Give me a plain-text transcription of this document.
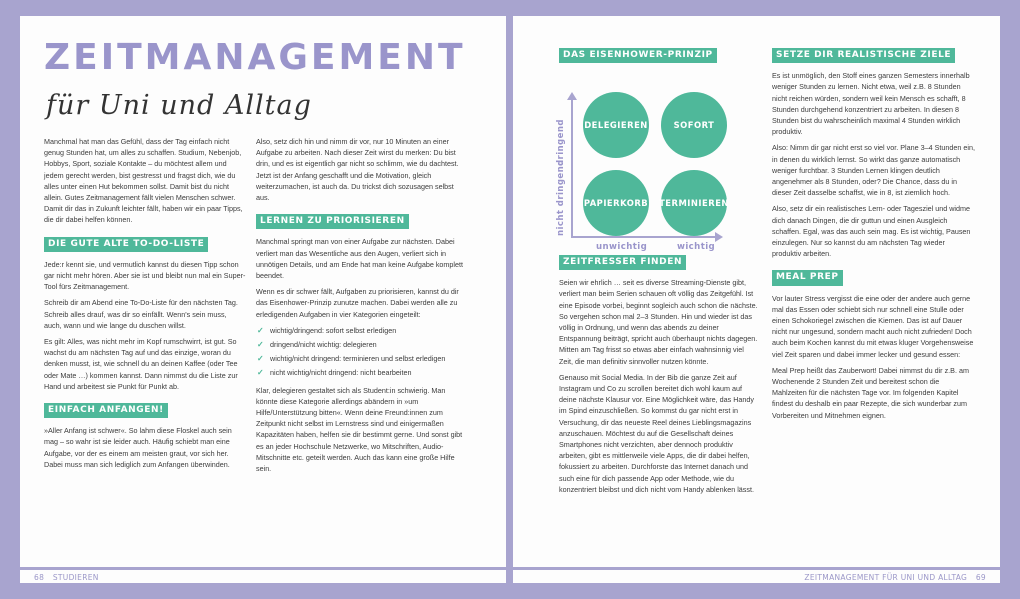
ZEITMANAGEMENT
für Uni und Alltag

Manchmal hat man das Gefühl, dass der Tag einfach nicht genug Stunden hat, um alles zu schaffen. Studium, Nebenjob, Hobbys, Sport, soziale Kontakte – du möchtest allem und jedem gerecht werden, bist gestresst und fragst dich, wie du alles unter einen Hut bekommen sollst. Damit bist du nicht allein. Gutes Zeitmanagement fällt vielen Menschen schwer. Damit dir das in Zukunft leichter fällt, haben wir ein paar Tipps, die dir dabei helfen können.

DIE GUTE ALTE TO-DO-LISTE

Jede:r kennt sie, und vermutlich kannst du diesen Tipp schon gar nicht mehr hören. Aber sie ist und bleibt nun mal ein Super-Tool fürs Zeitmanagement.

Schreib dir am Abend eine To-Do-Liste für den nächsten Tag. Schreib alles drauf, was dir so einfällt. Wenn's sein muss, auch, wann und wie lange du duschen willst.

Es gilt: Alles, was nicht mehr im Kopf rumschwirrt, ist gut. So wachst du am nächsten Tag auf und das einzige, woran du denken musst, ist, wie schnell du an deinen Kaffee (oder Tee oder Mate …) kommen kannst. Dann nimmst du die Liste zur Hand und arbeitest sie Punkt für Punkt ab.

EINFACH ANFANGEN!

»Aller Anfang ist schwer«. So lahm diese Floskel auch sein mag – so wahr ist sie leider auch. Häufig schiebt man eine Aufgabe, vor der es einem am meisten graut, vor sich her. Dabei muss man sich lediglich zum Anfangen überwinden.

Also, setz dich hin und nimm dir vor, nur 10 Minuten an einer Aufgabe zu arbeiten. Nach dieser Zeit wirst du merken: Du bist drin, und es ist eigentlich gar nicht so schlimm, wie du dachtest. Jetzt ist der Anfang geschafft und die Motivation, gleich weiterzumachen, ist auch da. Du trickst dich sozusagen selbst aus.

LERNEN ZU PRIORISIEREN

Manchmal springt man von einer Aufgabe zur nächsten. Dabei verliert man das Wesentliche aus den Augen, verliert sich in unnötigen Details, und am Ende hat man keine Aufgabe komplett beendet.

Wenn es dir schwer fällt, Aufgaben zu priorisieren, kannst du dir das Eisenhower-Prinzip zunutze machen. Dabei werden alle zu erledigenden Aufgaben in vier Kategorien eingeteilt:

✓ wichtig/dringend: sofort selbst erledigen
✓ dringend/nicht wichtig: delegieren
✓ wichtig/nicht dringend: terminieren und selbst erledigen
✓ nicht wichtig/nicht dringend: nicht bearbeiten

Klar, delegieren gestaltet sich als Student:in schwierig. Man könnte diese Kategorie allerdings abändern in »um Hilfe/Unterstützung bitten«. Wenn deine Freund:innen zum Zeitpunkt nicht selbst im Lernstress sind und einigermaßen Kapazitäten haben, helfen sie dir bestimmt gerne. Und sonst gibt es an jeder Hochschule Netzwerke, wo Mitschriften, Audio-Mitschnitte etc. geteilt werden. Auch das kann eine große Hilfe sein.

68 STUDIEREN
DAS EISENHOWER-PRINZIP
DELEGIEREN	SOFORT
PAPIERKORB TERMINIEREN
dringend
nicht dringend
unwichtig	wichtig
ZEITFRESSER FINDEN

Seien wir ehrlich … seit es diverse Streaming-Dienste gibt, verliert man beim Serien schauen oft völlig das Zeitgefühl. Ist eine Episode vorbei, beginnt sogleich auch schon die nächste. So vergehen schon mal 2–3 Stunden. Hin und wieder ist das völlig in Ordnung, und wenn das abends zu deiner Entspannung beiträgt, spricht auch überhaupt nichts dagegen. Mitten am Tag frisst so etwas aber einfach wahnsinnig viel Zeit, die man definitiv sinnvoller nutzen könnte.

Genauso mit Social Media. In der Bib die ganze Zeit auf Instagram und Co zu scrollen bereitet dich wohl kaum auf deine nächste Klausur vor. Eine Möglichkeit wäre, das Handy im Spind einzuschließen. So kommst du gar nicht erst in Versuchung, dir das neueste Reel deines Lieblingsmagazins anzuschauen. Möchtest du auf die Gesellschaft deines Smartphones nicht verzichten, aber dennoch produktiv arbeiten, gibt es mittlerweile viele Apps, die dir dabei helfen, fokussiert zu arbeiten. Durchforste das Internet danach und such eine für dich passende App oder Methode, wie du konzentriert bleibst und dich nicht vom Handy ablenken lässt.

SETZE DIR REALISTISCHE ZIELE

Es ist unmöglich, den Stoff eines ganzen Semesters innerhalb weniger Stunden zu lernen. Nicht etwa, weil z.B. 8 Stunden nicht reichen würden, sondern weil kein Mensch es schafft, 8 Stunden durchgehend konzentriert zu arbeiten. In diesen 8 Stunden bist du wahrscheinlich maximal 4 Stunden wirklich produktiv.

Also: Nimm dir gar nicht erst so viel vor. Plane 3–4 Stunden ein, in denen du wirklich lernst. So wirkt das ganze automatisch weniger furchtbar. 3 Stunden Lernen klingen deutlich angenehmer als 8 Stunden, oder? Die Chance, dass du in dieser Zeit dasselbe schaffst, wie in 8, ist ziemlich hoch.

Also, setz dir ein realistisches Lern- oder Tagesziel und widme dich danach Dingen, die dir guttun und einen Ausgleich schaffen. Egal, was das auch sein mag. Es ist wichtig, Pausen einzulegen. Nur so kannst du am nächsten Tag wieder produktiv arbeiten.

MEAL PREP

Vor lauter Stress vergisst die eine oder der andere auch gerne mal das Essen oder schiebt sich nur schnell eine Stulle oder einen Schokoriegel zwischen die Kiemen. Das ist auf Dauer nicht nur ungesund, sondern macht auch nicht zufrieden! Doch auch beim Kochen kannst du mit etwas kluger Vorgehensweise viel Zeit sparen und dabei immer lecker und gesund essen:

Meal Prep heißt das Zauberwort! Dabei nimmst du dir z.B. am Wochenende 2 Stunden Zeit und bereitest schon die Mahlzeiten für die nächsten Tage vor. Im folgenden Kapitel findest du deshalb ein paar Rezepte, die sich wunderbar zum Vorbereiten und Mitnehmen eignen.

ZEITMANAGEMENT FÜR UNI UND ALLTAG 69
